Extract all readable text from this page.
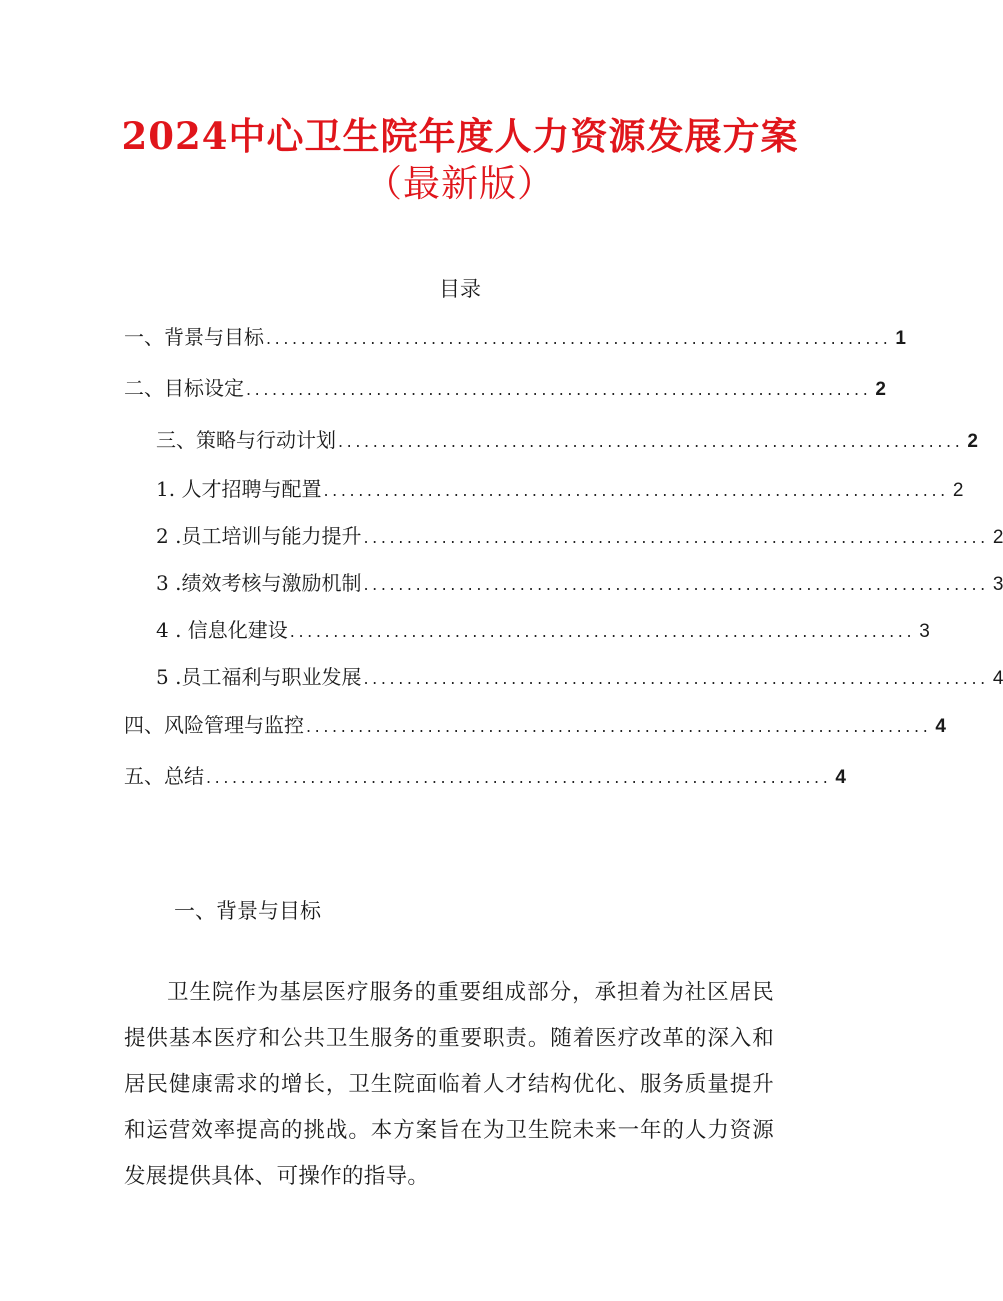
2024中心卫生院年度人力资源发展方案
（最新版）
目录
一、背景与目标 ........................................................................ 1
二、目标设定 ........................................................................ 2
三、策略与行动计划 ........................................................................ 2
1. 人才招聘与配置 ........................................................................ 2
2 .员工培训与能力提升 ........................................................................ 2
3 .绩效考核与激励机制 ........................................................................ 3
4 . 信息化建设 ........................................................................ 3
5 .员工福利与职业发展 ........................................................................ 4
四、风险管理与监控 ........................................................................ 4
五、总结 ........................................................................ 4
一、背景与目标
卫生院作为基层医疗服务的重要组成部分，承担着为社区居民提供基本医疗和公共卫生服务的重要职责。随着医疗改革的深入和居民健康需求的增长，卫生院面临着人才结构优化、服务质量提升和运营效率提高的挑战。本方案旨在为卫生院未来一年的人力资源发展提供具体、可操作的指导。
